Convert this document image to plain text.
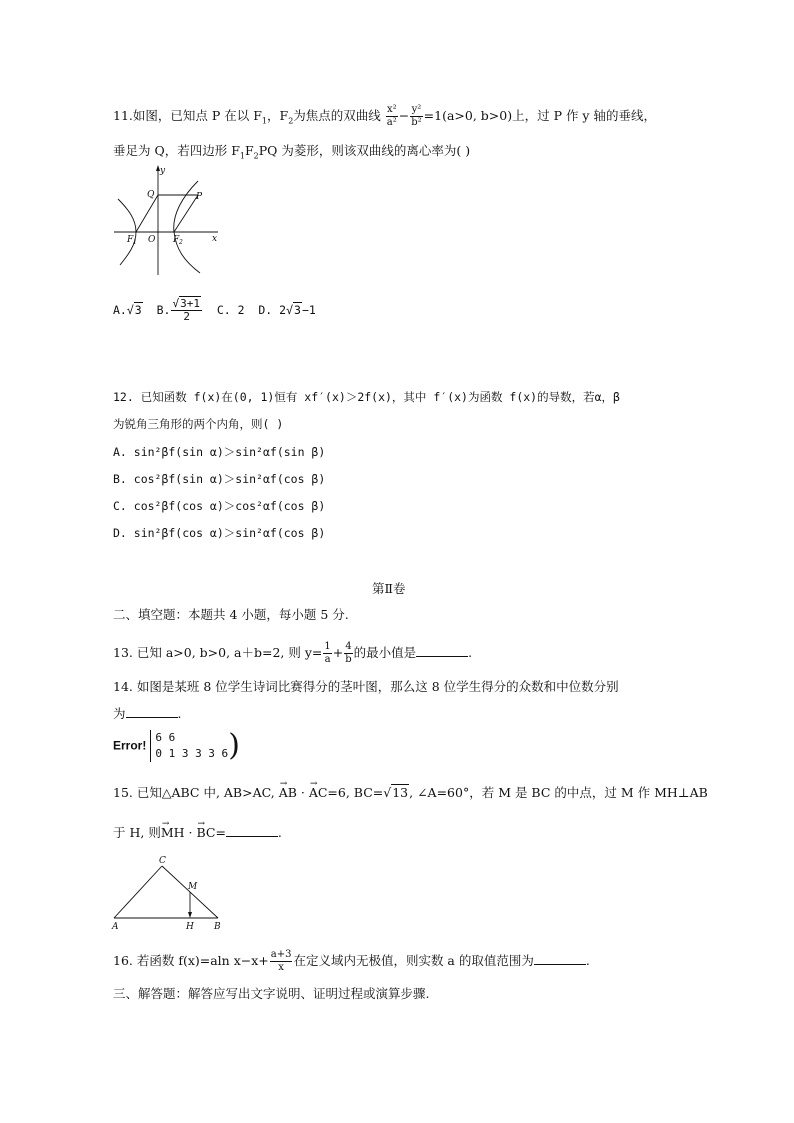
11.如图，已知点 P 在以 $F_1$，$F_2$为焦点的双曲线 $\frac{\text{x²}}{\text{a²}} - \frac{\text{y²}}{\text{b²}} =1(a>0$, b>0)上，过 P 作 y 轴的垂线，
垂足为 Q，若四边形 $F_1F_2PQ$ 为菱形，则该双曲线的离心率为( )
y
x
Q	P
O
F 1	F 2
A.√3 B. $\frac{√3+1}{2} C$. 2 D. 2√3−1
12. 已知函数 f(x)在(0, 1)恒有 xf′(x)＞2f(x)，其中 f′(x)为函数 f(x)的导数，若α，β
为锐角三角形的两个内角，则( )
A. sin²βf(sin α)＞sin²αf(sin β)
B. cos²βf(sin α)＞sin²αf(cos β)
C. cos²βf(cos α)＞cos²αf(cos β)
D. sin²βf(cos α)＞sin²αf(cos β)
第Ⅱ卷
二、填空题：本题共 4 小题，每小题 5 分.
13. 已知 a>0, b>0, a＋b=2, 则 $y= \frac{1}{a} + \frac{4}{b}$ 的最小值是	.
14. 如图是某班 8 位学生诗词比赛得分的茎叶图，那么这 8 位学生得分的众数和中位数分别
为	.
Error!
6 6
0 1 3 3 3 6 )
15. 已知△ABC 中, AB>AC, → AB · → AC=6, BC=√13, ∠A=60°，若 M 是 BC 的中点，过 M 作 MH⊥AB
于 H, 则→ MH · → BC=	.
C
M
A	H B
16. 若函数 f(x)=aln $x-x+ \frac{a+3}{x}$ 在定义域内无极值，则实数 a 的取值范围为	.
三、解答题：解答应写出文字说明、证明过程或演算步骤.
